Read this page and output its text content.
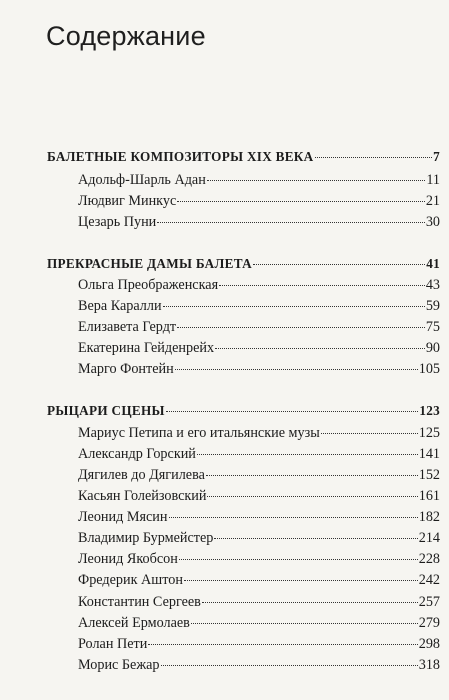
Содержание
БАЛЕТНЫЕ КОМПОЗИТОРЫ XIX ВЕКА	7
Адольф-Шарль Адан	11
Людвиг Минкус	21
Цезарь Пуни	30
ПРЕКРАСНЫЕ ДАМЫ БАЛЕТА	41
Ольга Преображенская	43
Вера Каралли	59
Елизавета Гердт	75
Екатерина Гейденрейх	90
Марго Фонтейн	105
РЫЦАРИ СЦЕНЫ	123
Мариус Петипа и его итальянские музы	125
Александр Горский	141
Дягилев до Дягилева	152
Касьян Голейзовский	161
Леонид Мясин	182
Владимир Бурмейстер	214
Леонид Якобсон	228
Фредерик Аштон	242
Константин Сергеев	257
Алексей Ермолаев	279
Ролан Пети	298
Морис Бежар	318
